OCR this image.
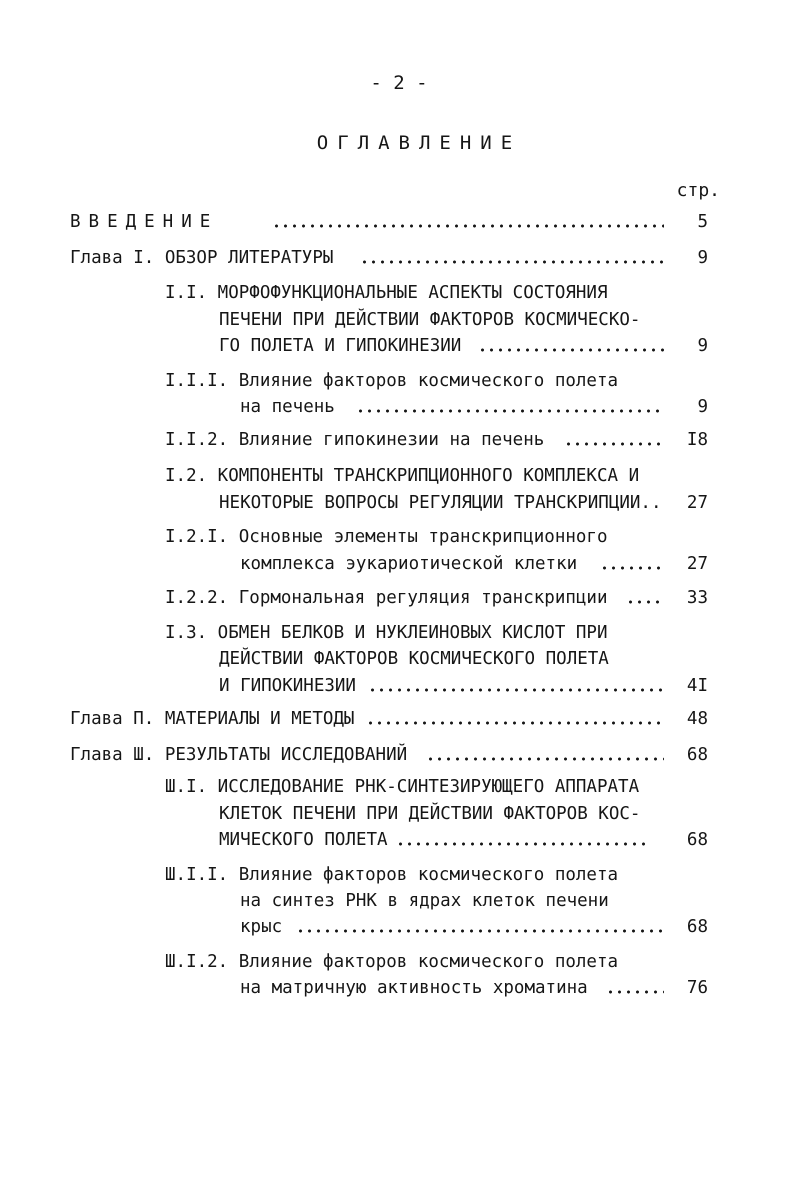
- 2 -
ОГЛАВЛЕНИЕ
стр.
ВВЕДЕНИЕ	5
Глава I. ОБЗОР ЛИТЕРАТУРЫ	9
I.I. МОРФОФУНКЦИОНАЛЬНЫЕ АСПЕКТЫ СОСТОЯНИЯ
ПЕЧЕНИ ПРИ ДЕЙСТВИИ ФАКТОРОВ КОСМИЧЕСКО-
ГО ПОЛЕТА И ГИПОКИНЕЗИИ	9
I.I.I. Влияние факторов космического полета
на печень	9
I.I.2. Влияние гипокинезии на печень	I8
I.2. КОМПОНЕНТЫ ТРАНСКРИПЦИОННОГО КОМПЛЕКСА И
НЕКОТОРЫЕ ВОПРОСЫ РЕГУЛЯЦИИ ТРАНСКРИПЦИИ.. 27
I.2.I. Основные элементы транскрипционного
комплекса эукариотической клетки	27
I.2.2. Гормональная регуляция транскрипции	33
I.3. ОБМЕН БЕЛКОВ И НУКЛЕИНОВЫХ КИСЛОТ ПРИ
ДЕЙСТВИИ ФАКТОРОВ КОСМИЧЕСКОГО ПОЛЕТА
И ГИПОКИНЕЗИИ	4I
Глава П. МАТЕРИАЛЫ И МЕТОДЫ	48
Глава Ш. РЕЗУЛЬТАТЫ ИССЛЕДОВАНИЙ	68
Ш.I. ИССЛЕДОВАНИЕ РНК-СИНТЕЗИРУЮЩЕГО АППАРАТА
КЛЕТОК ПЕЧЕНИ ПРИ ДЕЙСТВИИ ФАКТОРОВ КОС-
МИЧЕСКОГО ПОЛЕТА	68
Ш.I.I. Влияние факторов космического полета
на синтез РНК в ядрах клеток печени
крыс	68
Ш.I.2. Влияние факторов космического полета
на матричную активность хроматина	76
